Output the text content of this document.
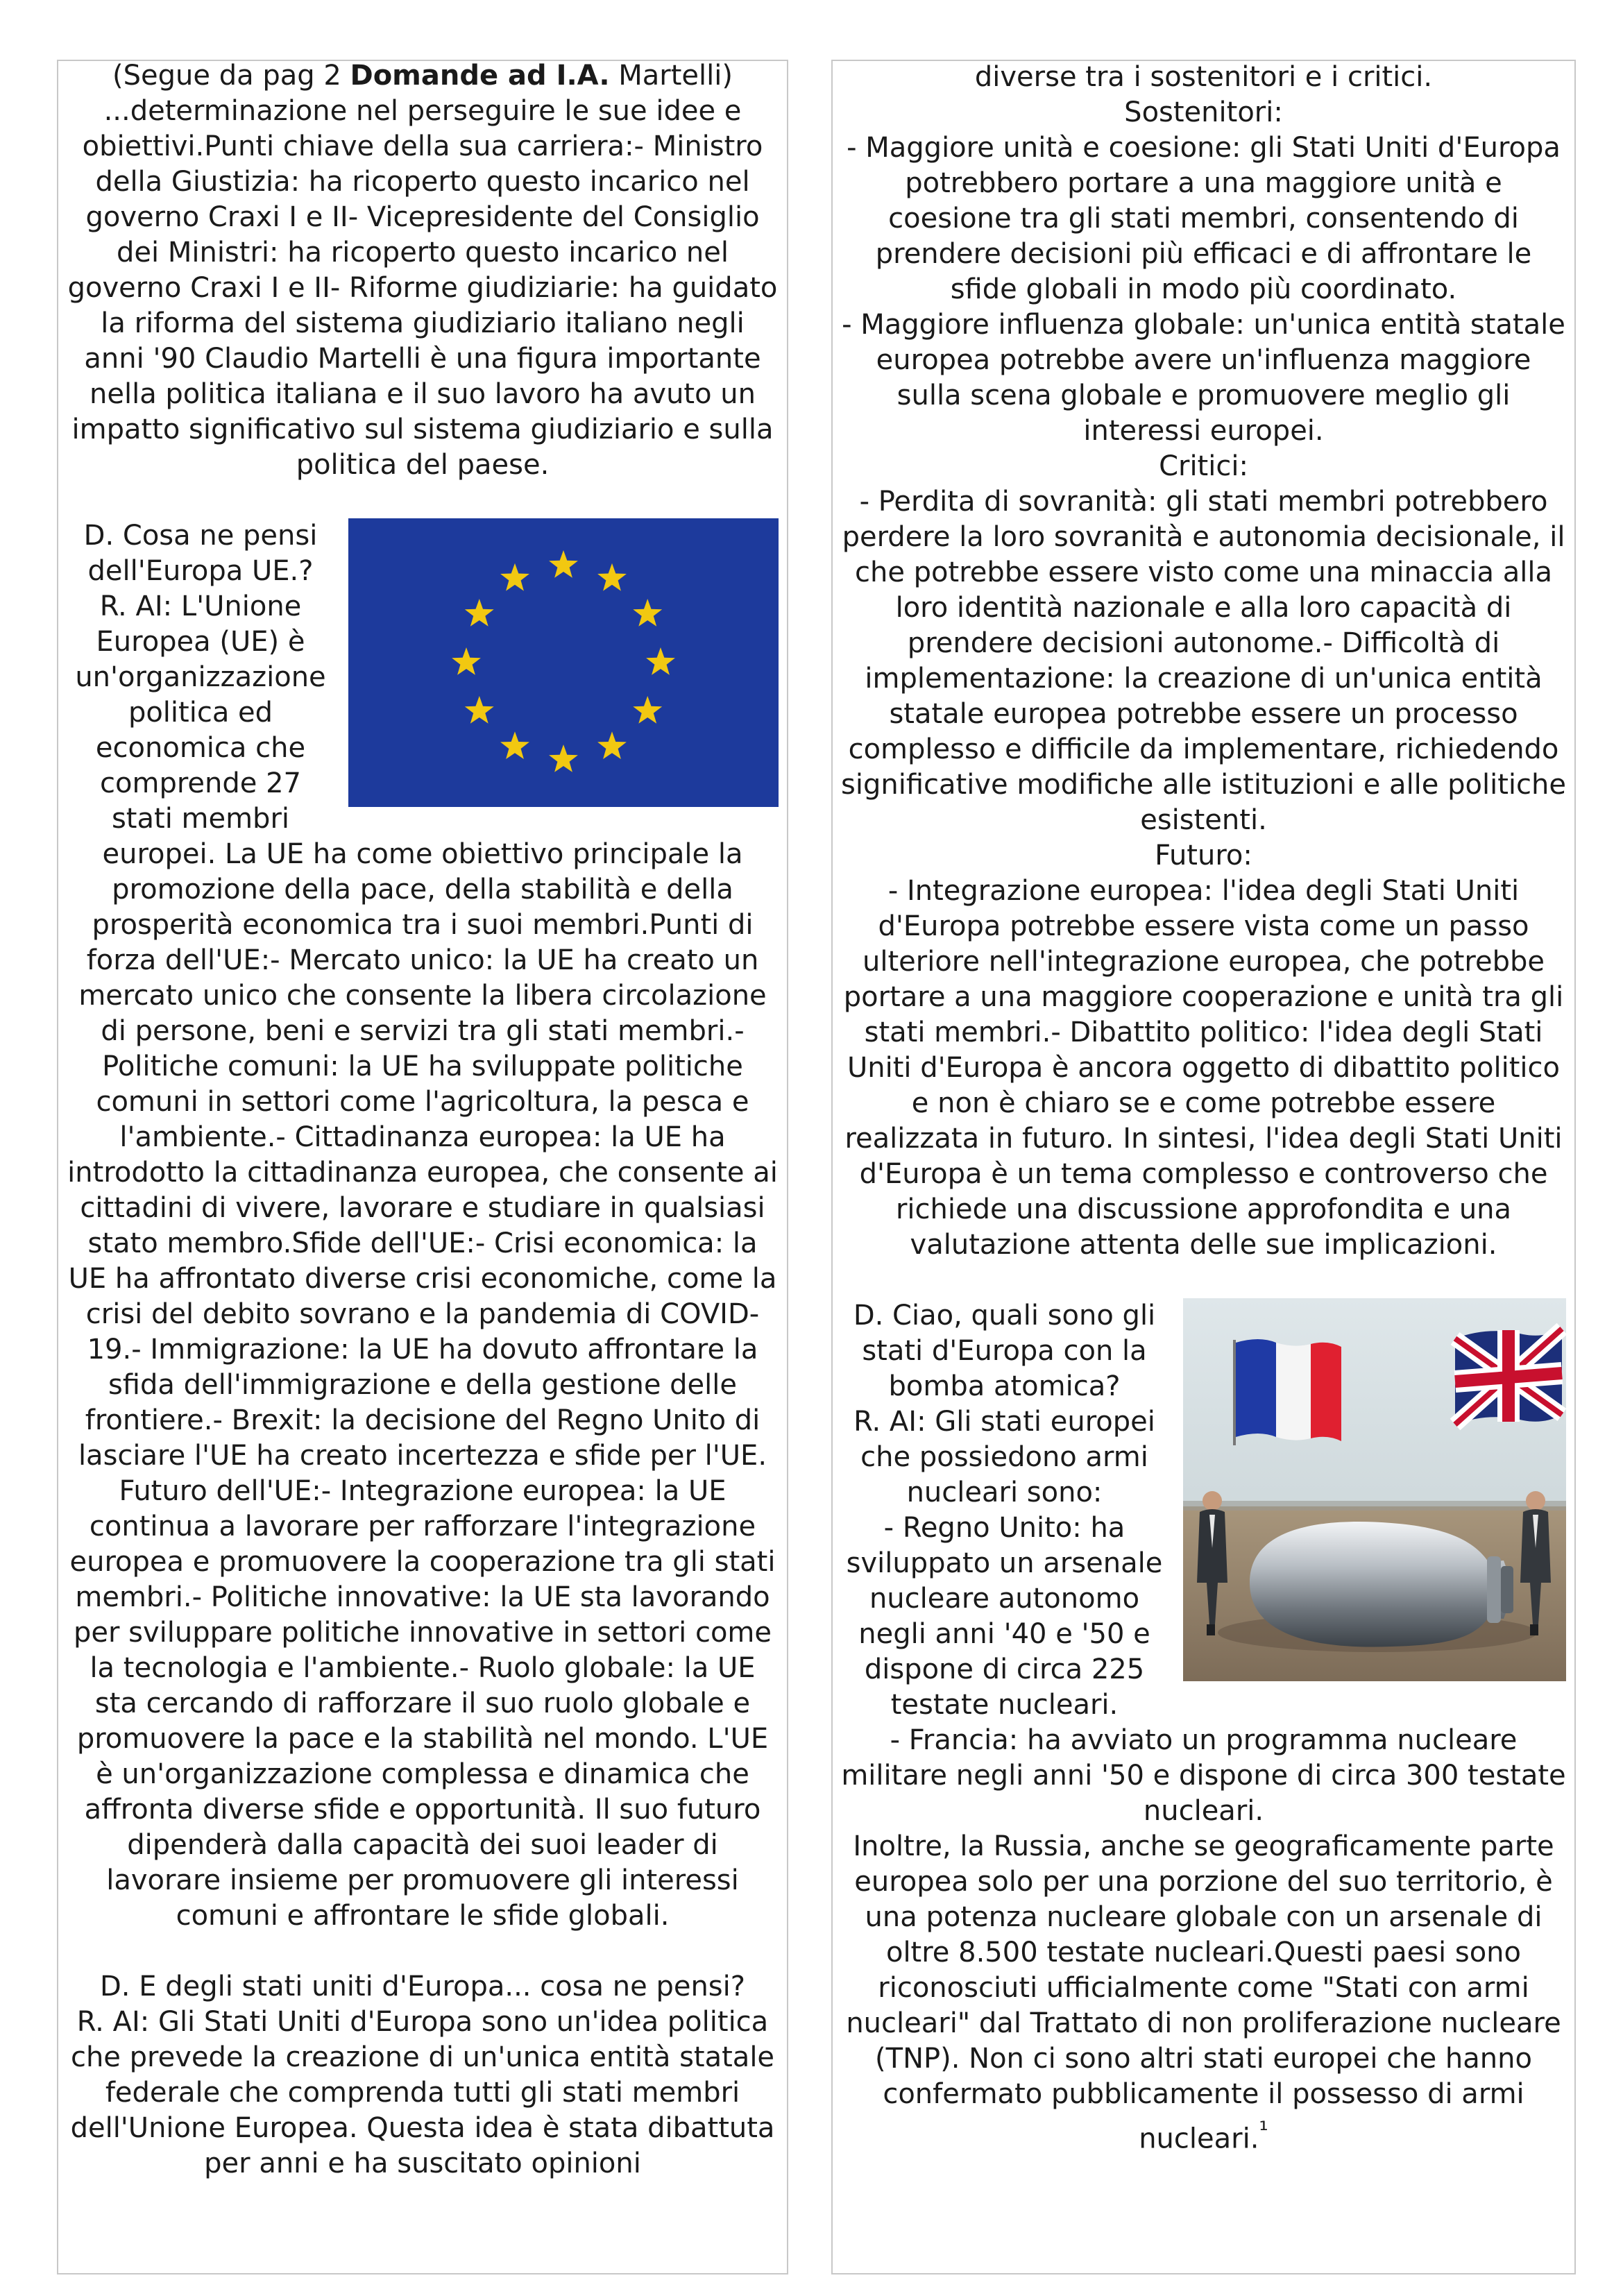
(Segue da pag 2 Domande ad I.A. Martelli)

...determinazione nel perseguire le sue idee e obiettivi.Punti chiave della sua carriera:- Ministro della Giustizia: ha ricoperto questo incarico nel governo Craxi I e II- Vicepresidente del Consiglio dei Ministri: ha ricoperto questo incarico nel governo Craxi I e II- Riforme giudiziarie: ha guidato la riforma del sistema giudiziario italiano negli anni '90 Claudio Martelli è una figura importante nella politica italiana e il suo lavoro ha avuto un impatto significativo sul sistema giudiziario e sulla politica del paese.

D. Cosa ne pensi dell'Europa UE.?
R. AI: L'Unione Europea (UE) è un'organizzazione politica ed economica che comprende 27 stati membri europei. La UE ha come obiettivo principale la promozione della pace, della stabilità e della prosperità economica tra i suoi membri.Punti di forza dell'UE:- Mercato unico: la UE ha creato un mercato unico che consente la libera circolazione di persone, beni e servizi tra gli stati membri.- Politiche comuni: la UE ha sviluppate politiche comuni in settori come l'agricoltura, la pesca e l'ambiente.- Cittadinanza europea: la UE ha introdotto la cittadinanza europea, che consente ai cittadini di vivere, lavorare e studiare in qualsiasi stato membro.Sfide dell'UE:- Crisi economica: la UE ha affrontato diverse crisi economiche, come la crisi del debito sovrano e la pandemia di COVID-19.- Immigrazione: la UE ha dovuto affrontare la sfida dell'immigrazione e della gestione delle frontiere.- Brexit: la decisione del Regno Unito di lasciare l'UE ha creato incertezza e sfide per l'UE. Futuro dell'UE:- Integrazione europea: la UE continua a lavorare per rafforzare l'integrazione europea e promuovere la cooperazione tra gli stati membri.- Politiche innovative: la UE sta lavorando per sviluppare politiche innovative in settori come la tecnologia e l'ambiente.- Ruolo globale: la UE sta cercando di rafforzare il suo ruolo globale e promuovere la pace e la stabilità nel mondo. L'UE è un'organizzazione complessa e dinamica che affronta diverse sfide e opportunità. Il suo futuro dipenderà dalla capacità dei suoi leader di lavorare insieme per promuovere gli interessi comuni e affrontare le sfide globali.

D. E degli stati uniti d'Europa... cosa ne pensi?

R. AI: Gli Stati Uniti d'Europa sono un'idea politica che prevede la creazione di un'unica entità statale federale che comprenda tutti gli stati membri dell'Unione Europea. Questa idea è stata dibattuta per anni e ha suscitato opinioni

diverse tra i sostenitori e i critici.

Sostenitori:

- Maggiore unità e coesione: gli Stati Uniti d'Europa potrebbero portare a una maggiore unità e coesione tra gli stati membri, consentendo di prendere decisioni più efficaci e di affrontare le sfide globali in modo più coordinato.

- Maggiore influenza globale: un'unica entità statale europea potrebbe avere un'influenza maggiore sulla scena globale e promuovere meglio gli interessi europei.

Critici:

- Perdita di sovranità: gli stati membri potrebbero perdere la loro sovranità e autonomia decisionale, il che potrebbe essere visto come una minaccia alla loro identità nazionale e alla loro capacità di prendere decisioni autonome.- Difficoltà di implementazione: la creazione di un'unica entità statale europea potrebbe essere un processo complesso e difficile da implementare, richiedendo significative modifiche alle istituzioni e alle politiche esistenti.

Futuro:

- Integrazione europea: l'idea degli Stati Uniti d'Europa potrebbe essere vista come un passo ulteriore nell'integrazione europea, che potrebbe portare a una maggiore cooperazione e unità tra gli stati membri.- Dibattito politico: l'idea degli Stati Uniti d'Europa è ancora oggetto di dibattito politico e non è chiaro se e come potrebbe essere realizzata in futuro. In sintesi, l'idea degli Stati Uniti d'Europa è un tema complesso e controverso che richiede una discussione approfondita e una valutazione attenta delle sue implicazioni.

D. Ciao, quali sono gli stati d'Europa con la bomba atomica?
R. AI: Gli stati europei che possiedono armi nucleari sono:
- Regno Unito: ha sviluppato un arsenale nucleare autonomo negli anni '40 e '50 e dispone di circa 225 testate nucleari.
- Francia: ha avviato un programma nucleare militare negli anni '50 e dispone di circa 300 testate nucleari.
Inoltre, la Russia, anche se geograficamente parte europea solo per una porzione del suo territorio, è una potenza nucleare globale con un arsenale di oltre 8.500 testate nucleari.Questi paesi sono riconosciuti ufficialmente come "Stati con armi nucleari" dal Trattato di non proliferazione nucleare (TNP). Non ci sono altri stati europei che hanno confermato pubblicamente il possesso di armi nucleari.$^{^1}$
